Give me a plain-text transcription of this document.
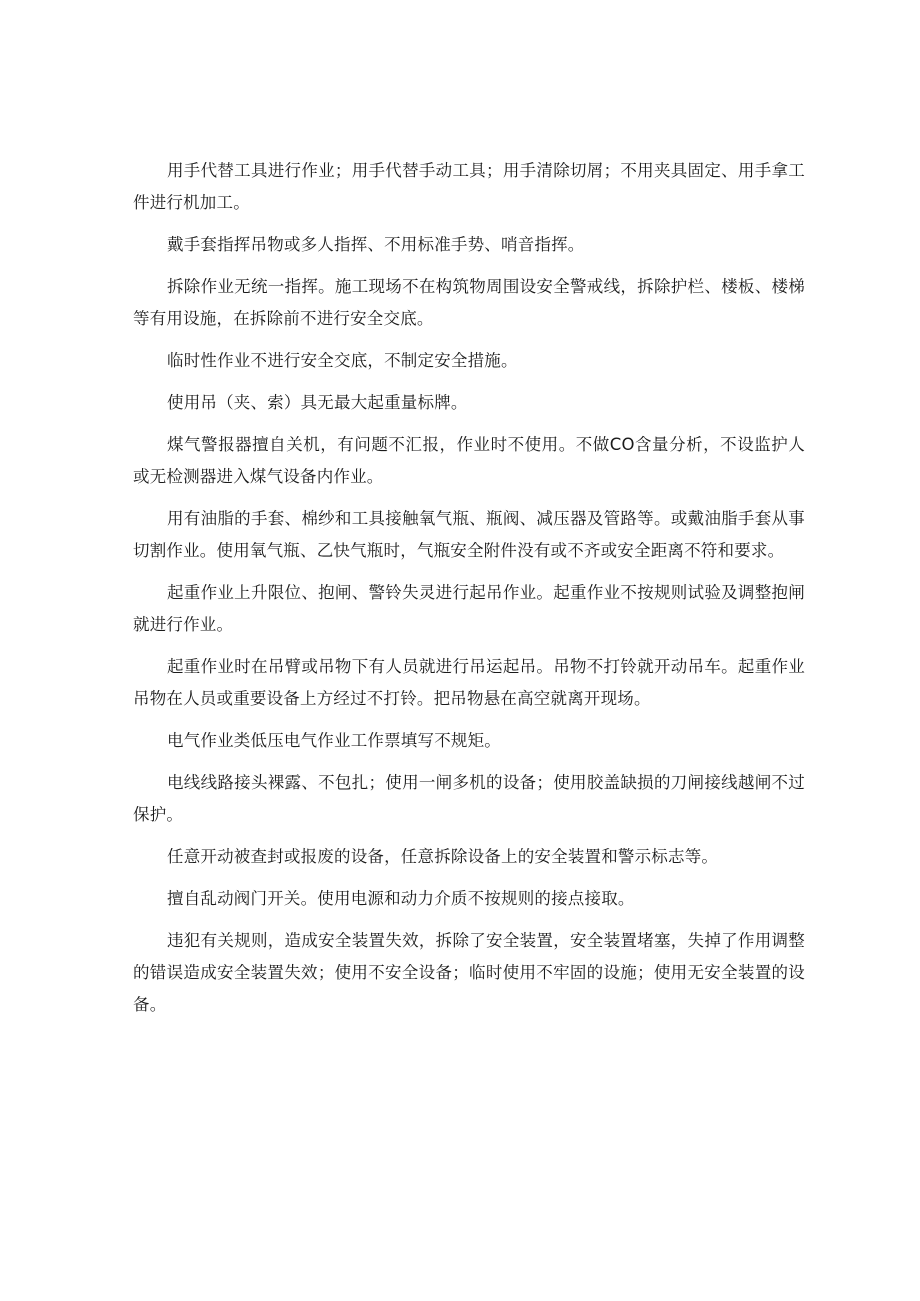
用手代替工具进行作业；用手代替手动工具；用手清除切屑；不用夹具固定、用手拿工件进行机加工。

戴手套指挥吊物或多人指挥、不用标准手势、哨音指挥。

拆除作业无统一指挥。施工现场不在构筑物周围设安全警戒线，拆除护栏、楼板、楼梯等有用设施，在拆除前不进行安全交底。

临时性作业不进行安全交底，不制定安全措施。

使用吊（夹、索）具无最大起重量标牌。

煤气警报器擅自关机，有问题不汇报，作业时不使用。不做CO含量分析，不设监护人或无检测器进入煤气设备内作业。

用有油脂的手套、棉纱和工具接触氧气瓶、瓶阀、减压器及管路等。或戴油脂手套从事切割作业。使用氧气瓶、乙快气瓶时，气瓶安全附件没有或不齐或安全距离不符和要求。

起重作业上升限位、抱闸、警铃失灵进行起吊作业。起重作业不按规则试验及调整抱闸就进行作业。

起重作业时在吊臂或吊物下有人员就进行吊运起吊。吊物不打铃就开动吊车。起重作业吊物在人员或重要设备上方经过不打铃。把吊物悬在高空就离开现场。

电气作业类低压电气作业工作票填写不规矩。

电线线路接头裸露、不包扎；使用一闸多机的设备；使用胶盖缺损的刀闸接线越闸不过保护。

任意开动被查封或报废的设备，任意拆除设备上的安全装置和警示标志等。

擅自乱动阀门开关。使用电源和动力介质不按规则的接点接取。

违犯有关规则，造成安全装置失效，拆除了安全装置，安全装置堵塞，失掉了作用调整的错误造成安全装置失效；使用不安全设备；临时使用不牢固的设施；使用无安全装置的设备。
